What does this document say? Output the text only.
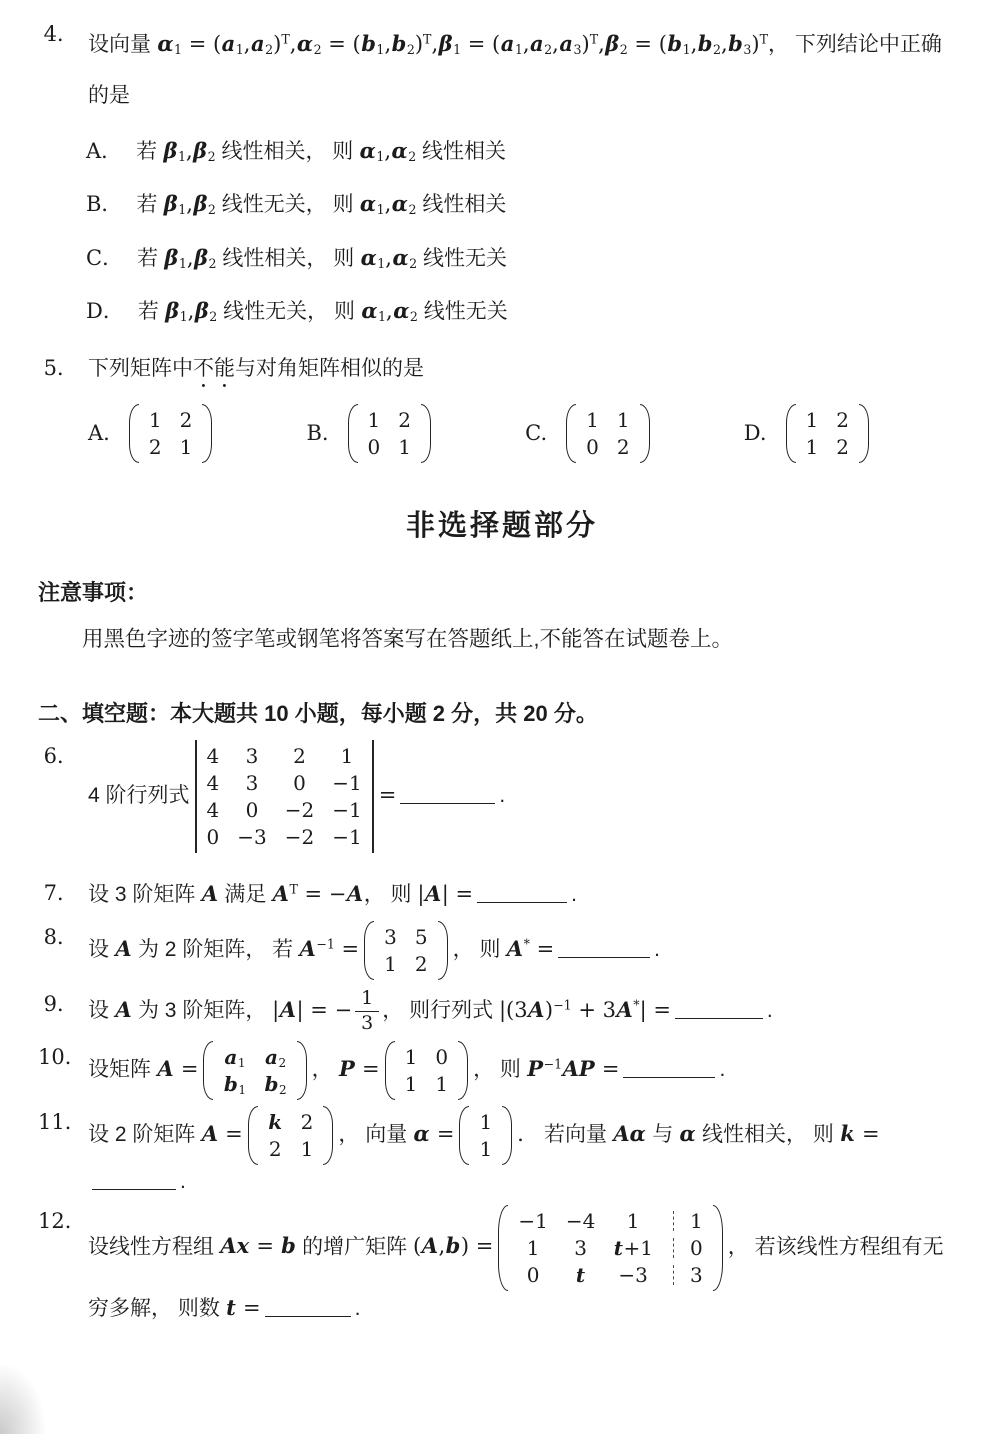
4． 设向量 $\alpha_1 = (a_1,a_2)^T,\alpha_2 = (b_1,b_2)^T,\beta_1 = (a_1,a_2,a_3)^T,\beta_2 = (b_1,b_2,b_3)^T$， 下列结论中正确
的是
A． 若 $\beta_1,\beta_2$ 线性相关， 则 $\alpha_1,\alpha_2$ 线性相关
B． 若 $\beta_1,\beta_2$ 线性无关， 则 $\alpha_1,\alpha_2$ 线性相关
C． 若 $\beta_1,\beta_2$ 线性相关， 则 $\alpha_1,\alpha_2$ 线性无关
D． 若 $\beta_1,\beta_2$ 线性无关， 则 $\alpha_1,\alpha_2$ 线性无关
5． 下列矩阵中不能与对角矩阵相似的是
A.
1 2
2 1
B.
1 2
0 1
C.
1 1
0 2
D.
1 2
1 2
非选择题部分
注意事项：
用黑色字迹的签字笔或钢笔将答案写在答题纸上,不能答在试题卷上。
二、填空题：本大题共 10 小题，每小题 2 分，共 20 分。
6．
4 阶行列式
4 3 2 1
4 3 0 −1
4 0 −2 −1
0 −3 −2 −1
=	.
7． 设 3 阶矩阵 A 满足 $A^T = -A$， 则 |A| =	.
8．
设 A 为 2 阶矩阵， 若 $A^{-1}$ =
3 5
1 2
， 则 A* =	.
9． 设 A 为 3 阶矩阵， |A| = − $\frac{1}{3}$ ， 则行列式 $|(3A)^{-1} + 3A^*|$ =	.
10．
设矩阵 A =
$a_1$ $a_2$
$b_1$ $b_2$
， P =
1 0
1 1
， 则 $P^{-1}AP$ =	.
11．
设 2 阶矩阵 A =
k 2
2 1
， 向量 α =
1
1
． 若向量 Aα 与 α 线性相关， 则 k =.
12．
设线性方程组 Ax = b 的增广矩阵 (A,b) =
−1 −4 1	1
1 3 t+1	0
0 t −3	3
， 若该线性方程组有无
穷多解， 则数 t =	.
